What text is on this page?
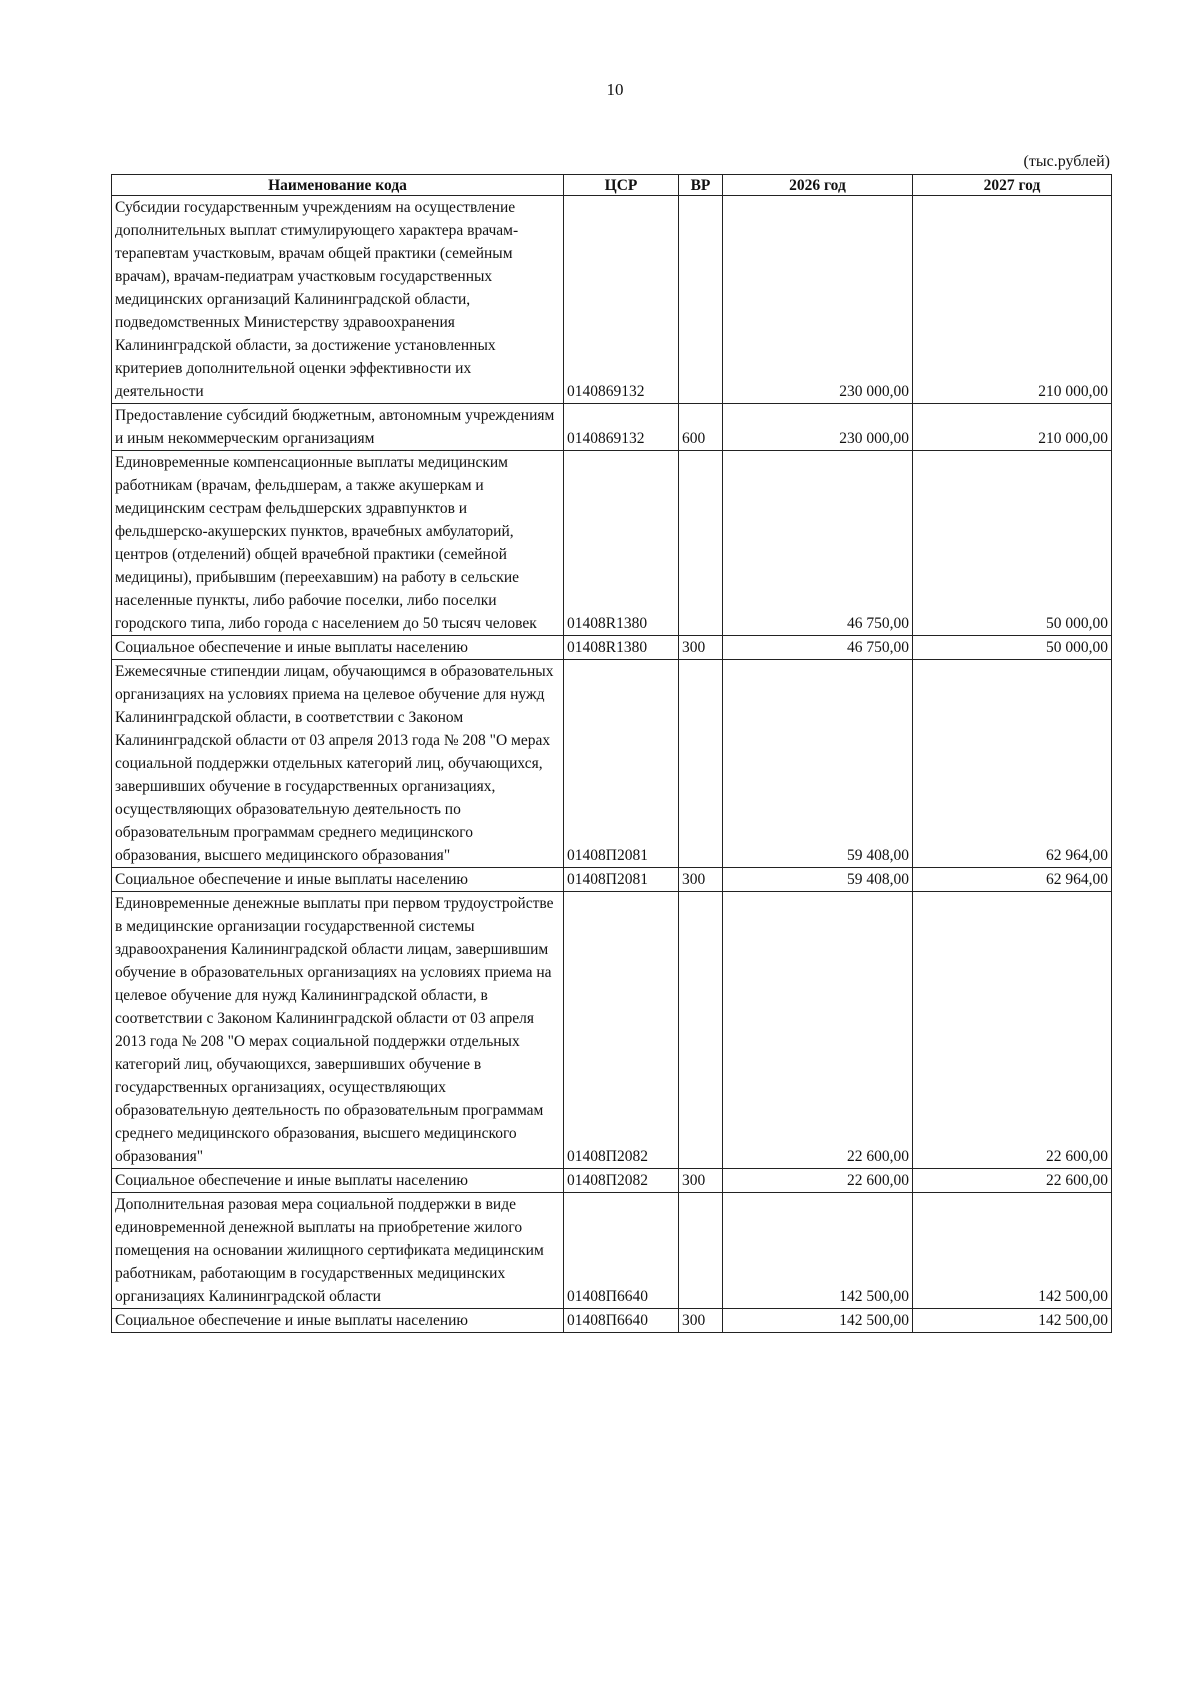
10
(тыс.рублей)
Наименование кода	ЦСР	ВР	2026 год	2027 год
Субсидии государственным учреждениям на осуществление дополнительных выплат стимулирующего характера врачам-терапевтам участковым, врачам общей практики (семейным врачам), врачам-педиатрам участковым государственных медицинских организаций Калининградской области, подведомственных Министерству здравоохранения Калининградской области, за достижение установленных критериев дополнительной оценки эффективности их деятельности	0140869132		230 000,00	210 000,00
Предоставление субсидий бюджетным, автономным учреждениям и иным некоммерческим организациям	0140869132	600	230 000,00	210 000,00
Единовременные компенсационные выплаты медицинским работникам (врачам, фельдшерам, а также акушеркам и медицинским сестрам фельдшерских здравпунктов и фельдшерско-акушерских пунктов, врачебных амбулаторий, центров (отделений) общей врачебной практики (семейной медицины), прибывшим (переехавшим) на работу в сельские населенные пункты, либо рабочие поселки, либо поселки городского типа, либо города с населением до 50 тысяч человек	01408R1380		46 750,00	50 000,00
Социальное обеспечение и иные выплаты населению	01408R1380	300	46 750,00	50 000,00
Ежемесячные стипендии лицам, обучающимся в образовательных организациях на условиях приема на целевое обучение для нужд Калининградской области, в соответствии с Законом Калининградской области от 03 апреля 2013 года № 208 "О мерах социальной поддержки отдельных категорий лиц, обучающихся, завершивших обучение в государственных организациях, осуществляющих образовательную деятельность по образовательным программам среднего медицинского образования, высшего медицинского образования"	01408П2081		59 408,00	62 964,00
Социальное обеспечение и иные выплаты населению	01408П2081	300	59 408,00	62 964,00
Единовременные денежные выплаты при первом трудоустройстве в медицинские организации государственной системы здравоохранения Калининградской области лицам, завершившим обучение в образовательных организациях на условиях приема на целевое обучение для нужд Калининградской области, в соответствии с Законом Калининградской области от 03 апреля 2013 года № 208 "О мерах социальной поддержки отдельных категорий лиц, обучающихся, завершивших обучение в государственных организациях, осуществляющих образовательную деятельность по образовательным программам среднего медицинского образования, высшего медицинского образования"	01408П2082		22 600,00	22 600,00
Социальное обеспечение и иные выплаты населению	01408П2082	300	22 600,00	22 600,00
Дополнительная разовая мера социальной поддержки в виде единовременной денежной выплаты на приобретение жилого помещения на основании жилищного сертификата медицинским работникам, работающим в государственных медицинских организациях Калининградской области	01408П6640		142 500,00	142 500,00
Социальное обеспечение и иные выплаты населению	01408П6640	300	142 500,00	142 500,00
